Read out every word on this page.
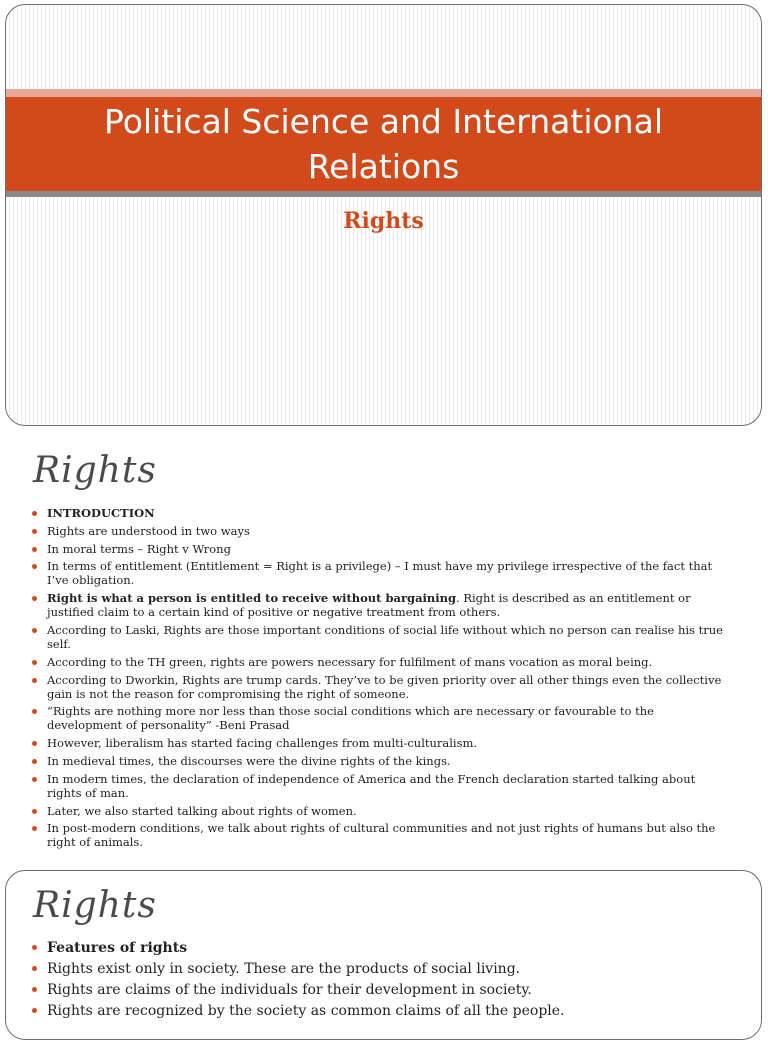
Political Science and International Relations
Rights
Rights
INTRODUCTION
Rights are understood in two ways
In moral terms – Right v Wrong
In terms of entitlement (Entitlement = Right is a privilege) – I must have my privilege irrespective of the fact that I’ve obligation.
Right is what a person is entitled to receive without bargaining. Right is described as an entitlement or justified claim to a certain kind of positive or negative treatment from others.
According to Laski, Rights are those important conditions of social life without which no person can realise his true self.
According to the TH green, rights are powers necessary for fulfilment of mans vocation as moral being.
According to Dworkin, Rights are trump cards. They’ve to be given priority over all other things even the collective gain is not the reason for compromising the right of someone.
“Rights are nothing more nor less than those social conditions which are necessary or favourable to the development of personality” -Beni Prasad
However, liberalism has started facing challenges from multi-culturalism.
In medieval times, the discourses were the divine rights of the kings.
In modern times, the declaration of independence of America and the French declaration started talking about rights of man.
Later, we also started talking about rights of women.
In post-modern conditions, we talk about rights of cultural communities and not just rights of humans but also the right of animals.
Rights
Features of rights
Rights exist only in society. These are the products of social living.
Rights are claims of the individuals for their development in society.
Rights are recognized by the society as common claims of all the people.
